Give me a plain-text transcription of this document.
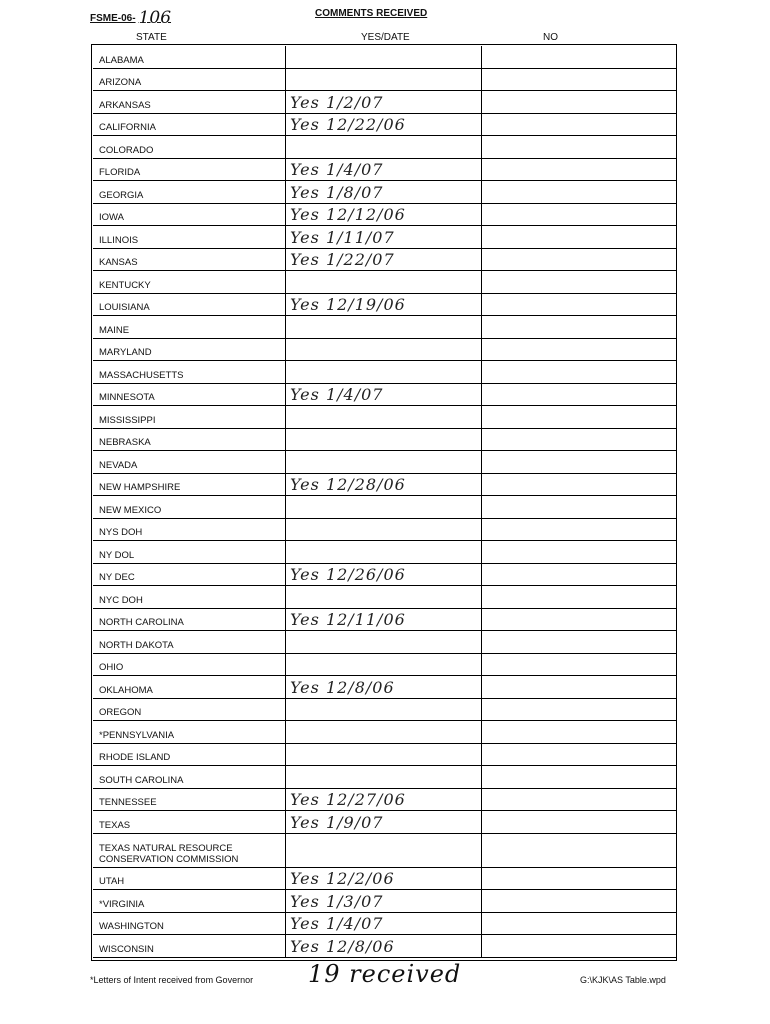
FSME-06- 106	COMMENTS RECEIVED
STATE	YES/DATE	NO
ALABAMA
ARIZONA
ARKANSAS	Yes 1/2/07
CALIFORNIA	Yes 12/22/06
COLORADO
FLORIDA	Yes 1/4/07
GEORGIA	Yes 1/8/07
IOWA	Yes 12/12/06
ILLINOIS	Yes 1/11/07
KANSAS	Yes 1/22/07
KENTUCKY
LOUISIANA	Yes 12/19/06
MAINE
MARYLAND
MASSACHUSETTS
MINNESOTA	Yes 1/4/07
MISSISSIPPI
NEBRASKA
NEVADA
NEW HAMPSHIRE	Yes 12/28/06
NEW MEXICO
NYS DOH
NY DOL
NY DEC	Yes 12/26/06
NYC DOH
NORTH CAROLINA	Yes 12/11/06
NORTH DAKOTA
OHIO
OKLAHOMA	Yes 12/8/06
OREGON
*PENNSYLVANIA
RHODE ISLAND
SOUTH CAROLINA
TENNESSEE	Yes 12/27/06
TEXAS	Yes 1/9/07
TEXAS NATURAL RESOURCE CONSERVATION COMMISSION
UTAH	Yes 12/2/06
*VIRGINIA	Yes 1/3/07
WASHINGTON	Yes 1/4/07
WISCONSIN	Yes 12/8/06
*Letters of Intent received from Governor 19 received	G:\KJK\AS Table.wpd
